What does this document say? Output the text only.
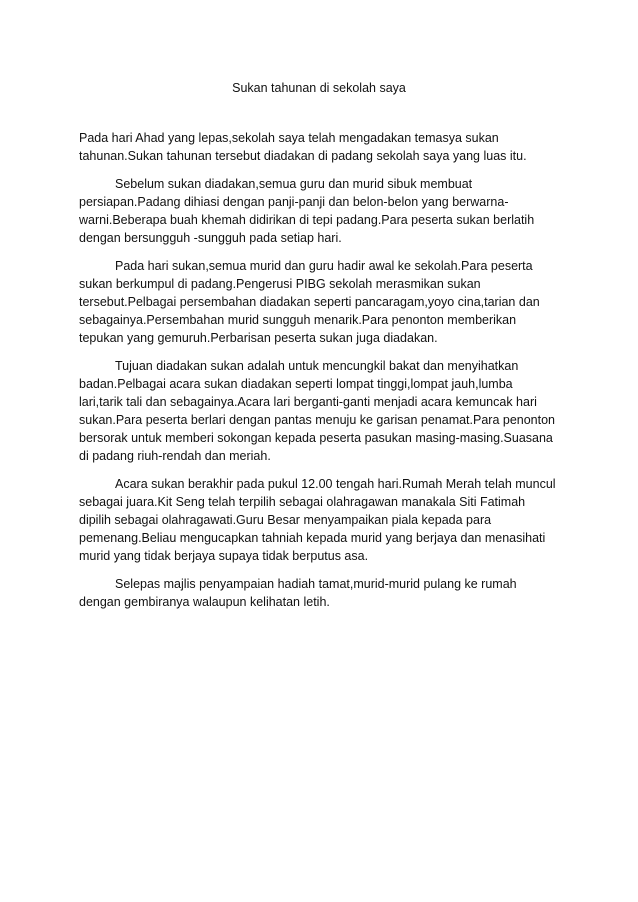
Sukan tahunan di sekolah saya

Pada hari Ahad yang lepas,sekolah saya telah mengadakan temasya sukan tahunan.Sukan tahunan tersebut diadakan di padang sekolah saya yang luas itu.

Sebelum sukan diadakan,semua guru dan murid sibuk membuat persiapan.Padang dihiasi dengan panji-panji dan belon-belon yang berwarna-warni.Beberapa buah khemah didirikan di tepi padang.Para peserta sukan berlatih dengan bersungguh -sungguh pada setiap hari.

Pada hari sukan,semua murid dan guru hadir awal ke sekolah.Para peserta sukan berkumpul di padang.Pengerusi PIBG sekolah merasmikan sukan tersebut.Pelbagai persembahan diadakan seperti pancaragam,yoyo cina,tarian dan sebagainya.Persembahan murid sungguh menarik.Para penonton memberikan tepukan yang gemuruh.Perbarisan peserta sukan juga diadakan.

Tujuan diadakan sukan adalah untuk mencungkil bakat dan menyihatkan badan.Pelbagai acara sukan diadakan seperti lompat tinggi,lompat jauh,lumba lari,tarik tali dan sebagainya.Acara lari berganti-ganti menjadi acara kemuncak hari sukan.Para peserta berlari dengan pantas menuju ke garisan penamat.Para penonton bersorak untuk memberi sokongan kepada peserta pasukan masing-masing.Suasana di padang riuh-rendah dan meriah.

Acara sukan berakhir pada pukul 12.00 tengah hari.Rumah Merah telah muncul sebagai juara.Kit Seng telah terpilih sebagai olahragawan manakala Siti Fatimah dipilih sebagai olahragawati.Guru Besar menyampaikan piala kepada para pemenang.Beliau mengucapkan tahniah kepada murid yang berjaya dan menasihati murid yang tidak berjaya supaya tidak berputus asa.

Selepas majlis penyampaian hadiah tamat,murid-murid pulang ke rumah dengan gembiranya walaupun kelihatan letih.
